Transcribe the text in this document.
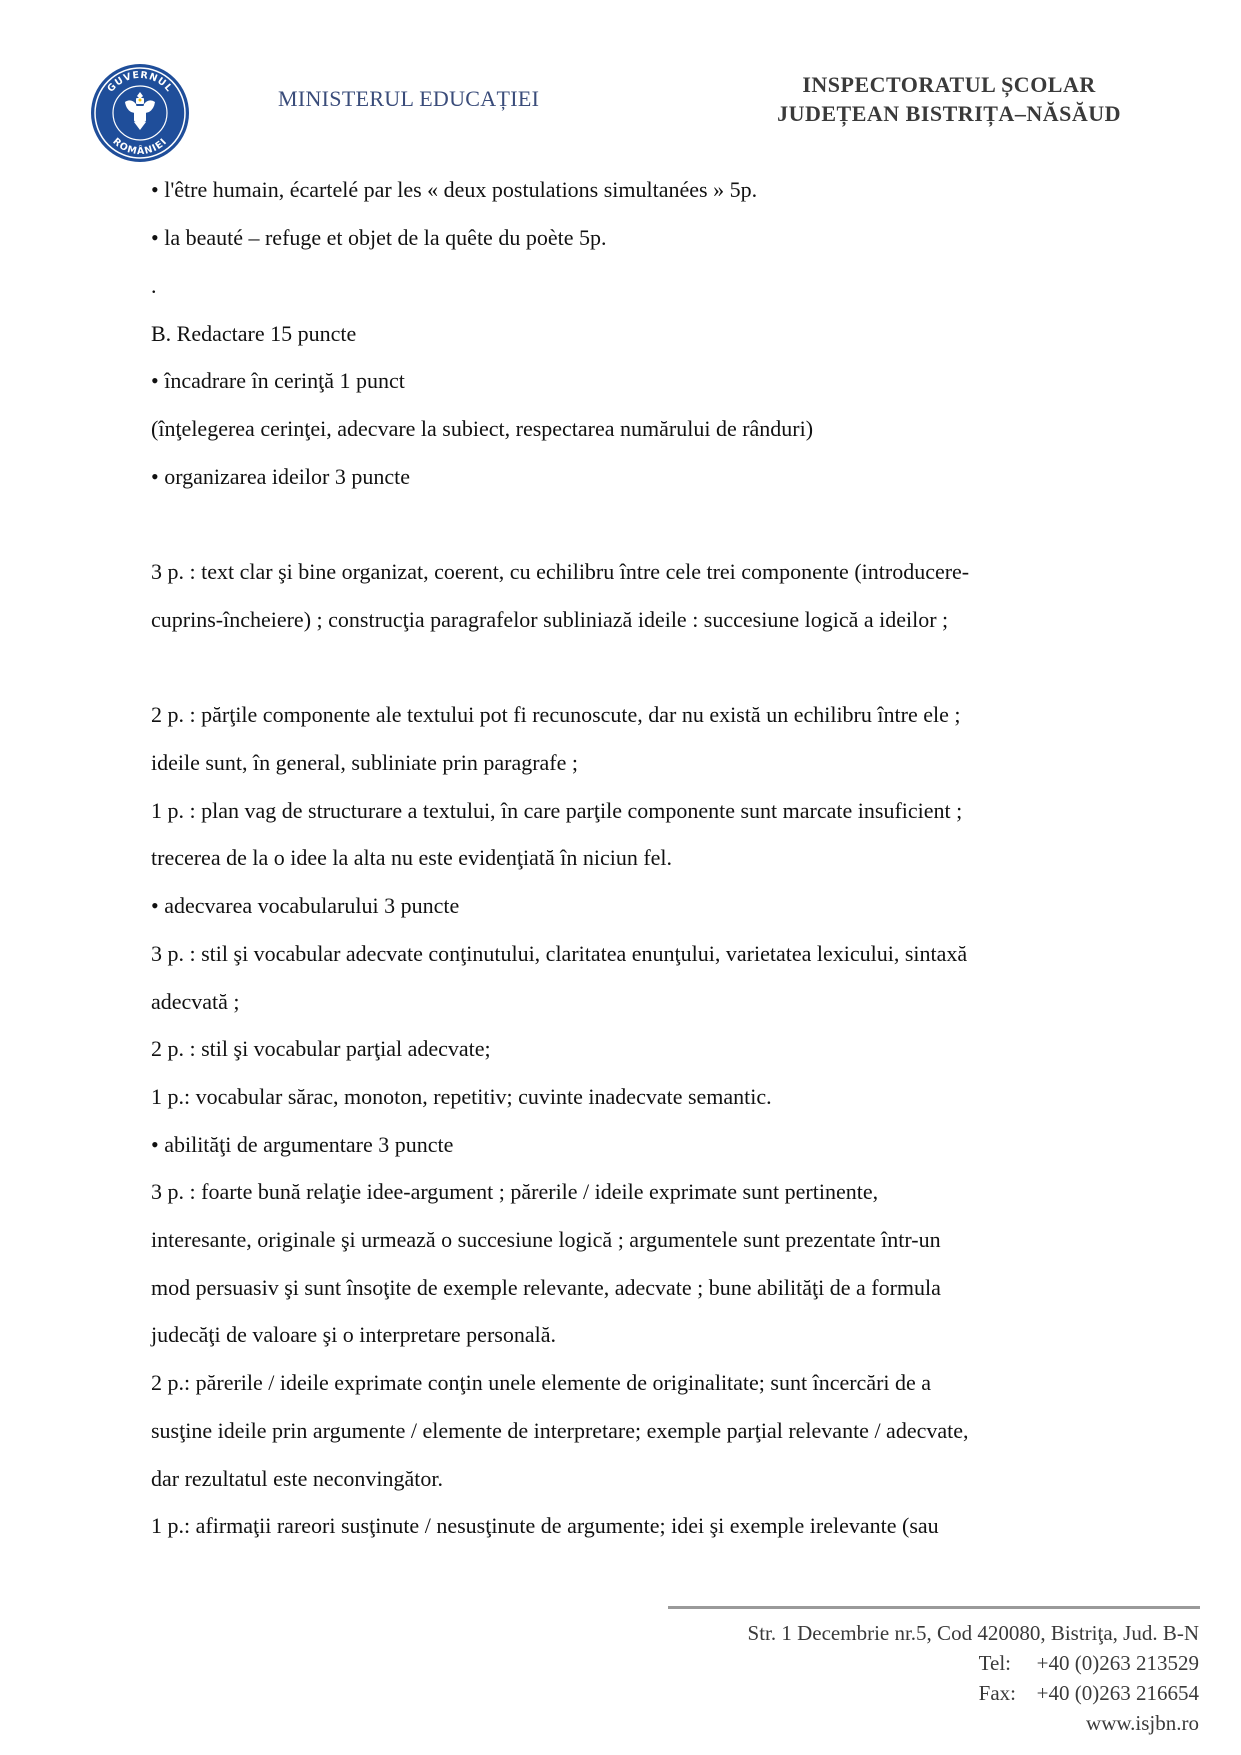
GUVERNUL
ROMÂNIEI
MINISTERUL EDUCAȚIEI
INSPECTORATUL ȘCOLAR
JUDEȚEAN BISTRIȚA–NĂSĂUD
• l'être humain, écartelé par les « deux postulations simultanées » 5p.
• la beauté – refuge et objet de la quête du poète 5p.
.
B. Redactare 15 puncte
• încadrare în cerinţă 1 punct
(înţelegerea cerinţei, adecvare la subiect, respectarea numărului de rânduri)
• organizarea ideilor 3 puncte
3 p. : text clar şi bine organizat, coerent, cu echilibru între cele trei componente (introducere-
cuprins-încheiere) ; construcţia paragrafelor subliniază ideile : succesiune logică a ideilor ;
2 p. : părţile componente ale textului pot fi recunoscute, dar nu există un echilibru între ele ;
ideile sunt, în general, subliniate prin paragrafe ;
1 p. : plan vag de structurare a textului, în care parţile componente sunt marcate insuficient ;
trecerea de la o idee la alta nu este evidenţiată în niciun fel.
• adecvarea vocabularului 3 puncte
3 p. : stil şi vocabular adecvate conţinutului, claritatea enunţului, varietatea lexicului, sintaxă
adecvată ;
2 p. : stil şi vocabular parţial adecvate;
1 p.: vocabular sărac, monoton, repetitiv; cuvinte inadecvate semantic.
• abilităţi de argumentare 3 puncte
3 p. : foarte bună relaţie idee-argument ; părerile / ideile exprimate sunt pertinente,
interesante, originale şi urmează o succesiune logică ; argumentele sunt prezentate într-un
mod persuasiv şi sunt însoţite de exemple relevante, adecvate ; bune abilităţi de a formula
judecăţi de valoare şi o interpretare personală.
2 p.: părerile / ideile exprimate conţin unele elemente de originalitate; sunt încercări de a
susţine ideile prin argumente / elemente de interpretare; exemple parţial relevante / adecvate,
dar rezultatul este neconvingător.
1 p.: afirmaţii rareori susţinute / nesusţinute de argumente; idei şi exemple irelevante (sau
Str. 1 Decembrie nr.5, Cod 420080, Bistriţa, Jud. B-N
Tel: +40 (0)263 213529
Fax: +40 (0)263 216654
www.isjbn.ro
